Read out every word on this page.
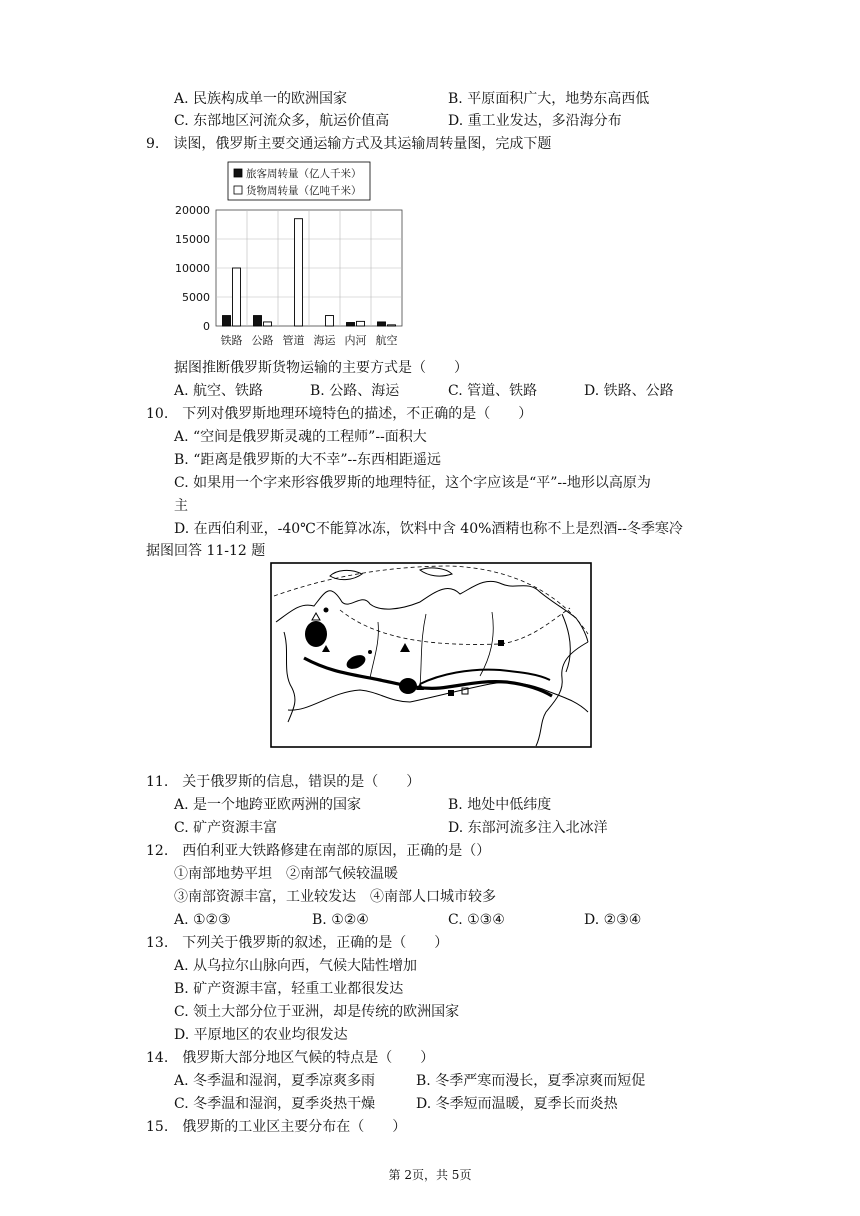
A. 民族构成单一的欧洲国家	B. 平原面积广大，地势东高西低
C. 东部地区河流众多，航运价值高	D. 重工业发达，多沿海分布
9.　读图，俄罗斯主要交通运输方式及其运输周转量图，完成下题
旅客周转量（亿人千米）
货物周转量（亿吨千米）
0
5000
10000
15000
20000
铁路 公路 管道 海运 内河 航空
据图推断俄罗斯货物运输的主要方式是（　　）
A. 航空、铁路	B. 公路、海运	C. 管道、铁路	D. 铁路、公路
10.　下列对俄罗斯地理环境特色的描述，不正确的是（　　）
A. “空间是俄罗斯灵魂的工程师”--面积大
B. “距离是俄罗斯的大不幸”--东西相距遥远
C. 如果用一个字来形容俄罗斯的地理特征，这个字应该是“平”--地形以高原为
主
D. 在西伯利亚，-40℃不能算冰冻，饮料中含 40%酒精也称不上是烈酒--冬季寒冷
据图回答 11-12 题
11.　关于俄罗斯的信息，错误的是（　　）
A. 是一个地跨亚欧两洲的国家	B. 地处中低纬度
C. 矿产资源丰富	D. 东部河流多注入北冰洋
12.　西伯利亚大铁路修建在南部的原因，正确的是（）
①南部地势平坦　②南部气候较温暖
③南部资源丰富，工业较发达　④南部人口城市较多
A. ①②③	B. ①②④	C. ①③④	D. ②③④
13.　下列关于俄罗斯的叙述，正确的是（　　）
A. 从乌拉尔山脉向西，气候大陆性增加
B. 矿产资源丰富，轻重工业都很发达
C. 领土大部分位于亚洲，却是传统的欧洲国家
D. 平原地区的农业均很发达
14.　俄罗斯大部分地区气候的特点是（　　）
A. 冬季温和湿润，夏季凉爽多雨	B. 冬季严寒而漫长，夏季凉爽而短促
C. 冬季温和湿润，夏季炎热干燥	D. 冬季短而温暖，夏季长而炎热
15.　俄罗斯的工业区主要分布在（　　）
第 2页，共 5页
